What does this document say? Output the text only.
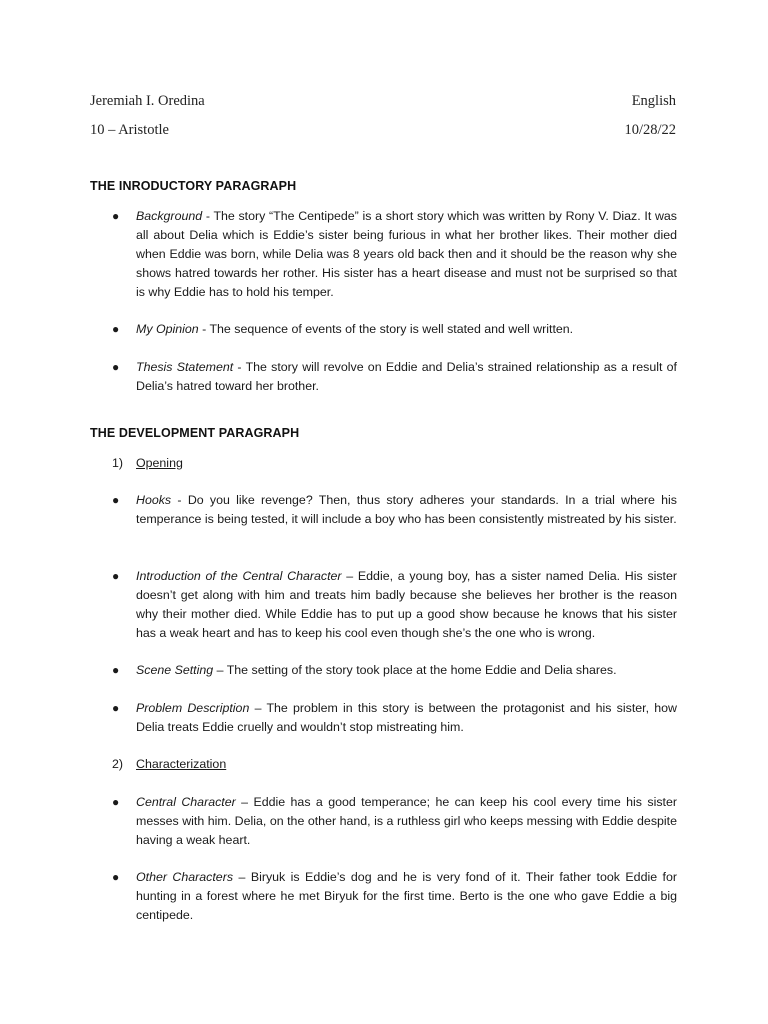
Jeremiah I. Oredina	English
10 – Aristotle	10/28/22
THE INRODUCTORY PARAGRAPH
● Background - The story “The Centipede” is a short story which was written by Rony V. Diaz. It was all about Delia which is Eddie’s sister being furious in what her brother likes. Their mother died when Eddie was born, while Delia was 8 years old back then and it should be the reason why she shows hatred towards her rother. His sister has a heart disease and must not be surprised so that is why Eddie has to hold his temper.
● My Opinion - The sequence of events of the story is well stated and well written.
● Thesis Statement - The story will revolve on Eddie and Delia’s strained relationship as a result of Delia’s hatred toward her brother.
THE DEVELOPMENT PARAGRAPH
1) Opening
● Hooks - Do you like revenge? Then, thus story adheres your standards. In a trial where his temperance is being tested, it will include a boy who has been consistently mistreated by his sister.
● Introduction of the Central Character – Eddie, a young boy, has a sister named Delia. His sister doesn’t get along with him and treats him badly because she believes her brother is the reason why their mother died. While Eddie has to put up a good show because he knows that his sister has a weak heart and has to keep his cool even though she’s the one who is wrong.
● Scene Setting – The setting of the story took place at the home Eddie and Delia shares.
● Problem Description – The problem in this story is between the protagonist and his sister, how Delia treats Eddie cruelly and wouldn’t stop mistreating him.
2) Characterization
● Central Character – Eddie has a good temperance; he can keep his cool every time his sister messes with him. Delia, on the other hand, is a ruthless girl who keeps messing with Eddie despite having a weak heart.
● Other Characters – Biryuk is Eddie’s dog and he is very fond of it. Their father took Eddie for hunting in a forest where he met Biryuk for the first time. Berto is the one who gave Eddie a big centipede.
